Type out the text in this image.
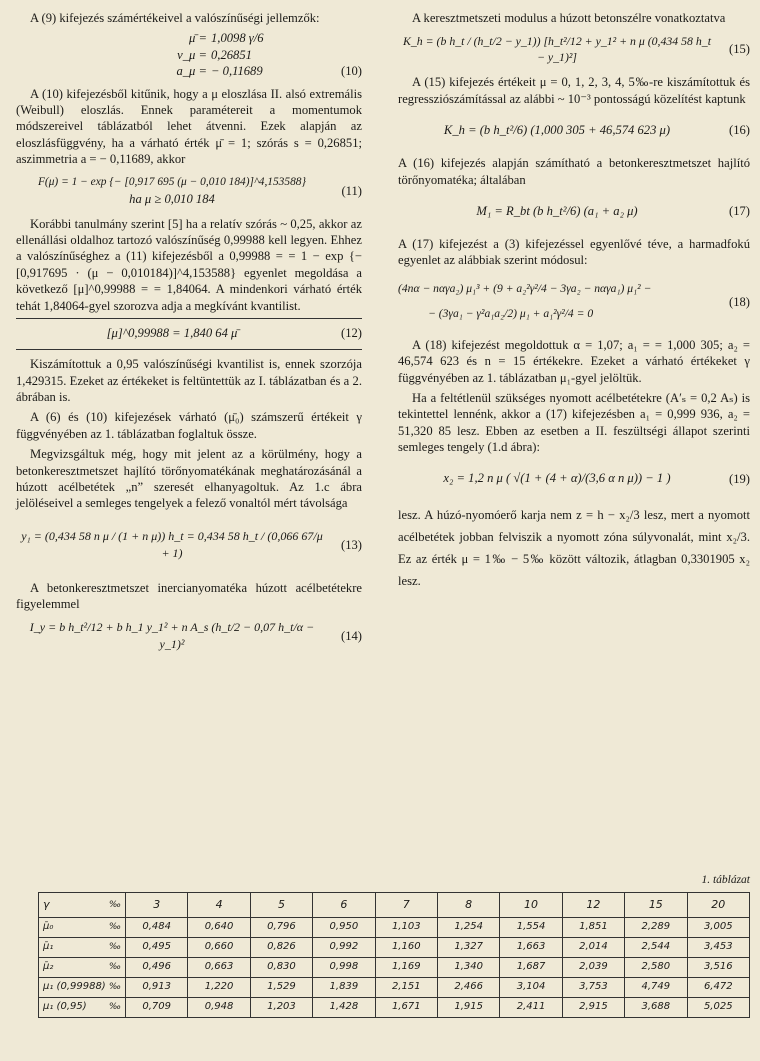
A (9) kifejezés számértékeivel a valószínűségi jellemzők:

μ̄ = 1,0098 γ/6
v_μ = 0,26851
a_μ = − 0,11689	(10)

A (10) kifejezésből kitűnik, hogy a μ eloszlása II. alsó extremális (Weibull) eloszlás. Ennek paramétereit a momentumok módszereivel táblázatból lehet átvenni. Ezek alapján az eloszlásfüggvény, ha a várható érték μ̄ = 1; szórás s = 0,26851; aszimmetria a = − 0,11689, akkor

F(μ) = 1 − exp {− [0,917 695 (μ − 0,010 184)]^4,153588}
ha μ ≥ 0,010 184
(11)

Korábbi tanulmány szerint [5] ha a relatív szórás ~ 0,25, akkor az ellenállási oldalhoz tartozó valószínűség 0,99988 kell legyen. Ehhez a valószínűséghez a (11) kifejezésből a 0,99988 = = 1 − exp {− [0,917695 · (μ − 0,010184)]^4,153588} egyenlet megoldása a következő [μ]^0,99988 = = 1,84064. A mindenkori várható érték tehát 1,84064-gyel szorozva adja a megkívánt kvantilist.

[μ]^0,99988 = 1,840 64 μ̄	(12)

Kiszámítottuk a 0,95 valószínűségi kvantilist is, ennek szorzója 1,429315. Ezeket az értékeket is feltüntettük az I. táblázatban és a 2. ábrában is.

A (6) és (10) kifejezések várható (μ̄₀) számszerű értékeit γ függvényében az 1. táblázatban foglaltuk össze.

Megvizsgáltuk még, hogy mit jelent az a körülmény, hogy a betonkeresztmetszet hajlító törőnyomatékának meghatározásánál a húzott acélbetétek „n” szeresét elhanyagoltuk. Az 1.c ábra jelöléseivel a semleges tengelyek a felező vonaltól mért távolsága

y₁ = (0,434 58 n μ / (1 + n μ)) h_t = 0,434 58 h_t / (0,066 67/μ + 1)
(13)

A betonkeresztmetszet inercianyomatéka húzott acélbetétekre figyelemmel

I_y = b h_t²/12 + b h_1 y_1² + n A_s (h_t/2 − 0,07 h_t/α − y_1)²
(14)

A keresztmetszeti modulus a húzott betonszélre vonatkoztatva

K_h = (b h_t / (h_t/2 − y_1)) [h_t²/12 + y_1² + n μ (0,434 58 h_t − y_1)²]
(15)

A (15) kifejezés értékeit μ = 0, 1, 2, 3, 4, 5‰-re kiszámítottuk és regressziószámítással az alábbi ~ 10⁻³ pontosságú közelítést kaptunk

K_h = (b h_t²/6) (1,000 305 + 46,574 623 μ)	(16)

A (16) kifejezés alapján számítható a betonkeresztmetszet hajlító törőnyomatéka; általában

M₁ = R_bt (b h_t²/6) (a₁ + a₂ μ)	(17)

A (17) kifejezést a (3) kifejezéssel egyenlővé téve, a harmadfokú egyenlet az alábbiak szerint módosul:

(4nα − nαγa₂) μ₁³ + (9 + a₂²γ²/4 − 3γa₂ − nαγa₁) μ₁² −
− (3γa₁ − γ²a₁a₂/2) μ₁ + a₁²γ²/4 = 0
(18)

A (18) kifejezést megoldottuk α = 1,07; a₁ = = 1,000 305; a₂ = 46,574 623 és n = 15 értékekre. Ezeket a várható értékeket γ függvényében az 1. táblázatban μ₁-gyel jelöltük.

Ha a feltétlenül szükséges nyomott acélbetétekre (A′ₛ = 0,2 Aₛ) is tekintettel lennénk, akkor a (17) kifejezésben a₁ = 0,999 936, a₂ = 51,320 85 lesz. Ebben az esetben a II. feszültségi állapot szerinti semleges tengely (1.d ábra):

x₂ = 1,2 n μ ( √(1 + (4 + α)/(3,6 α n μ)) − 1 )	(19)

lesz. A húzó-nyomóerő karja nem z = h − x₂/3 lesz, mert a nyomott acélbetétek jobban felviszik a nyomott zóna súlyvonalát, mint x₂/3. Ez az érték μ = 1‰ − 5‰ között változik, átlagban 0,3301905 x₂ lesz.

1. táblázat
γ ‰	3	4	5	6	7	8	10	12	15	20
μ̄₀ ‰	0,484	0,640	0,796	0,950	1,103	1,254	1,554	1,851	2,289	3,005
μ̄₁ ‰	0,495	0,660	0,826	0,992	1,160	1,327	1,663	2,014	2,544	3,453
μ̄₂ ‰	0,496	0,663	0,830	0,998	1,169	1,340	1,687	2,039	2,580	3,516
μ₁ (0,99988) ‰	0,913	1,220	1,529	1,839	2,151	2,466	3,104	3,753	4,749	6,472
μ₁ (0,95) ‰	0,709	0,948	1,203	1,428	1,671	1,915	2,411	2,915	3,688	5,025
